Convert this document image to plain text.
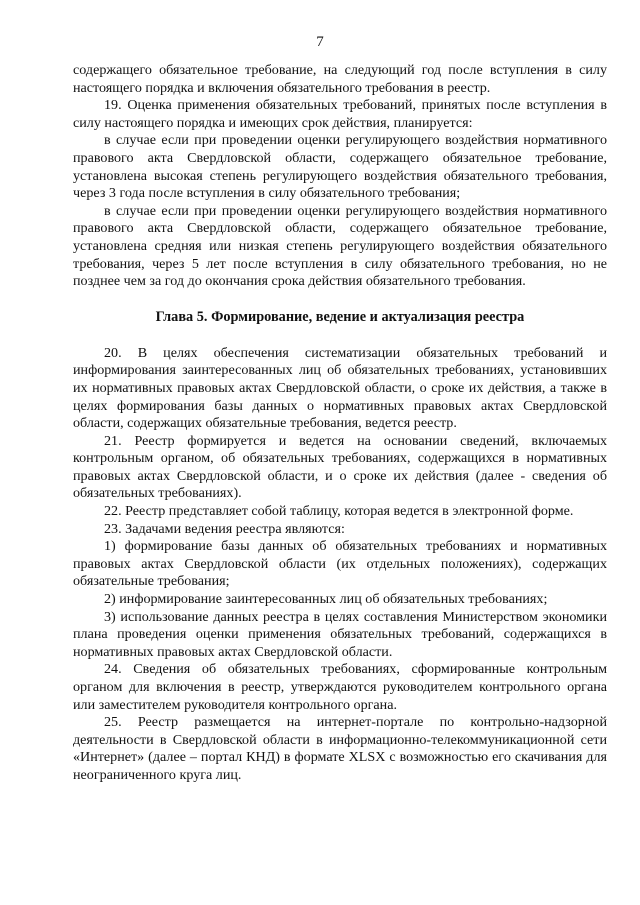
7

содержащего обязательное требование, на следующий год после вступления в силу настоящего порядка и включения обязательного требования в реестр.

19. Оценка применения обязательных требований, принятых после вступления в силу настоящего порядка и имеющих срок действия, планируется:

в случае если при проведении оценки регулирующего воздействия нормативного правового акта Свердловской области, содержащего обязательное требование, установлена высокая степень регулирующего воздействия обязательного требования, через 3 года после вступления в силу обязательного требования;

в случае если при проведении оценки регулирующего воздействия нормативного правового акта Свердловской области, содержащего обязательное требование, установлена средняя или низкая степень регулирующего воздействия обязательного требования, через 5 лет после вступления в силу обязательного требования, но не позднее чем за год до окончания срока действия обязательного требования.

Глава 5. Формирование, ведение и актуализация реестра

20. В целях обеспечения систематизации обязательных требований и информирования заинтересованных лиц об обязательных требованиях, установивших их нормативных правовых актах Свердловской области, о сроке их действия, а также в целях формирования базы данных о нормативных правовых актах Свердловской области, содержащих обязательные требования, ведется реестр.

21. Реестр формируется и ведется на основании сведений, включаемых контрольным органом, об обязательных требованиях, содержащихся в нормативных правовых актах Свердловской области, и о сроке их действия (далее - сведения об обязательных требованиях).

22. Реестр представляет собой таблицу, которая ведется в электронной форме.

23. Задачами ведения реестра являются:

1) формирование базы данных об обязательных требованиях и нормативных правовых актах Свердловской области (их отдельных положениях), содержащих обязательные требования;

2) информирование заинтересованных лиц об обязательных требованиях;

3) использование данных реестра в целях составления Министерством экономики плана проведения оценки применения обязательных требований, содержащихся в нормативных правовых актах Свердловской области.

24. Сведения об обязательных требованиях, сформированные контрольным органом для включения в реестр, утверждаются руководителем контрольного органа или заместителем руководителя контрольного органа.

25. Реестр размещается на интернет-портале по контрольно-надзорной деятельности в Свердловской области в информационно-телекоммуникационной сети «Интернет» (далее – портал КНД) в формате XLSX с возможностью его скачивания для неограниченного круга лиц.
